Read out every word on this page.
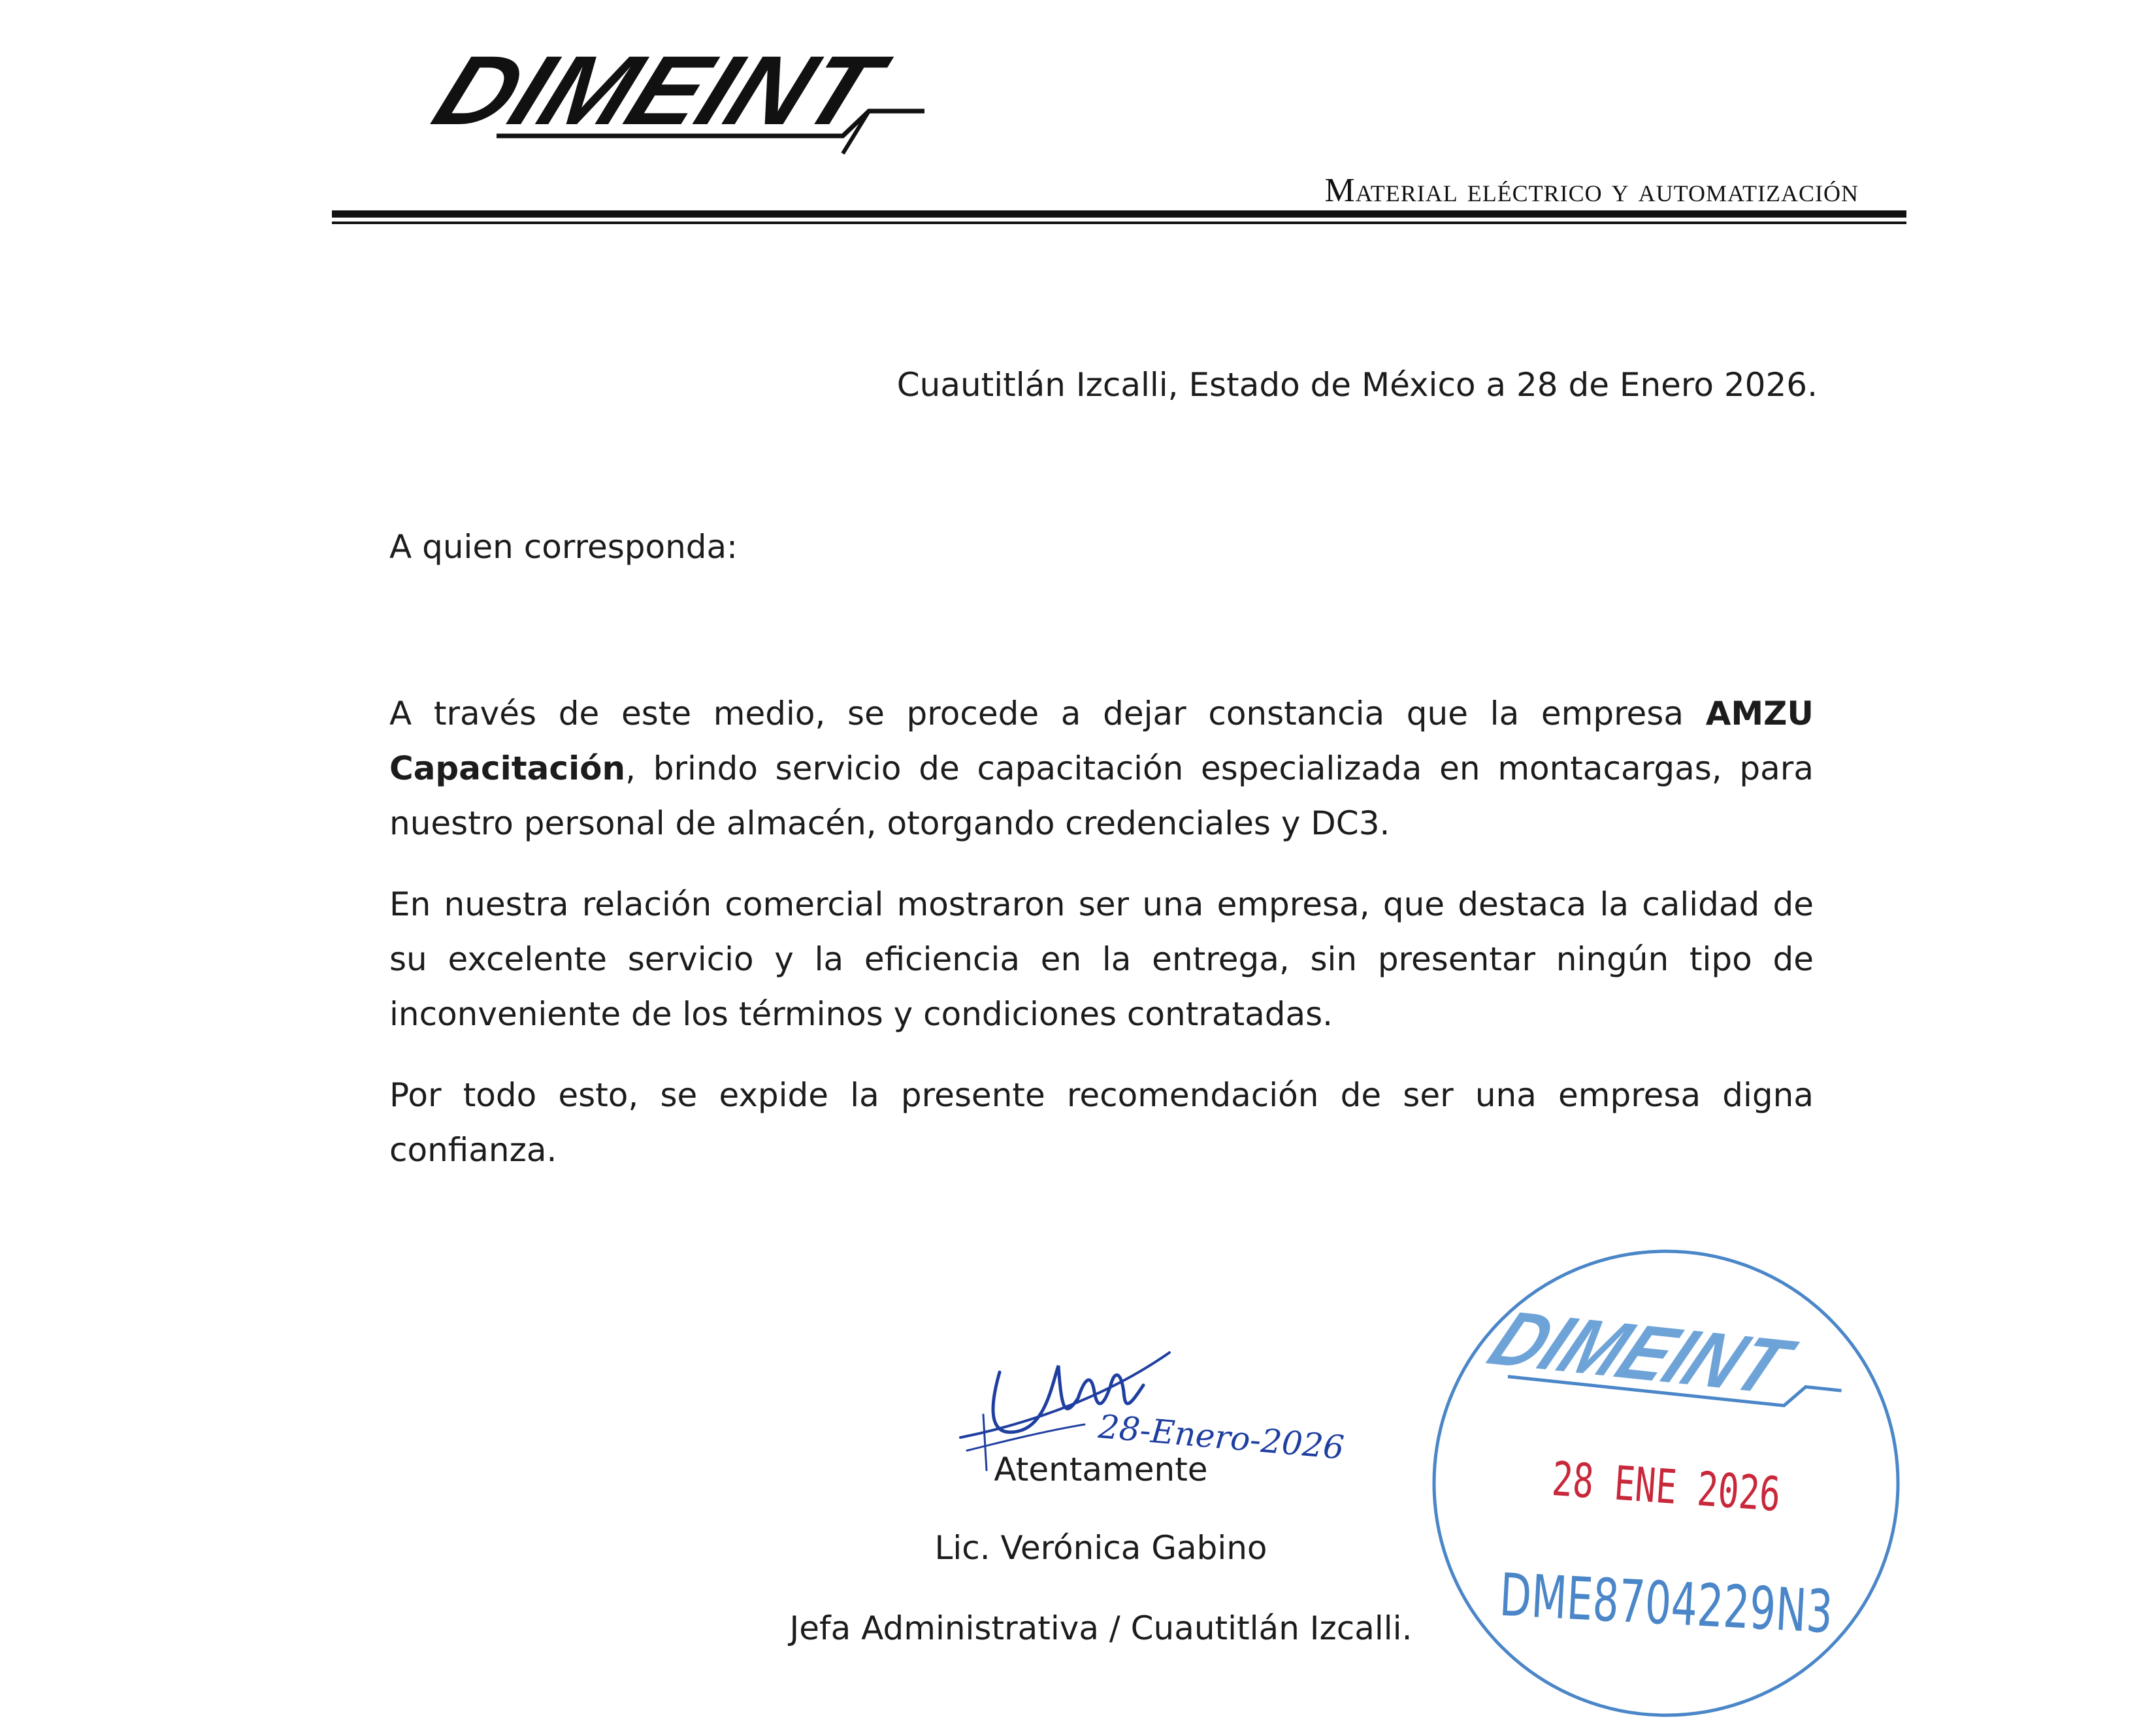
DIMEINT
Material eléctrico y automatización
Cuautitlán Izcalli, Estado de México a 28 de Enero 2026.
A quien corresponda:

A través de este medio, se procede a dejar constancia que la empresa AMZU Capacitación, brindo servicio de capacitación especializada en montacargas, para nuestro personal de almacén, otorgando credenciales y DC3.

En nuestra relación comercial mostraron ser una empresa, que destaca la calidad de su excelente servicio y la eficiencia en la entrega, sin presentar ningún tipo de inconveniente de los términos y condiciones contratadas.

Por todo esto, se expide la presente recomendación de ser una empresa digna confianza.

28-Enero-2026
Atentamente
Lic. Verónica Gabino
Jefa Administrativa / Cuautitlán Izcalli.
DIMEINT
28 ENE 2026
DME8704229N3
